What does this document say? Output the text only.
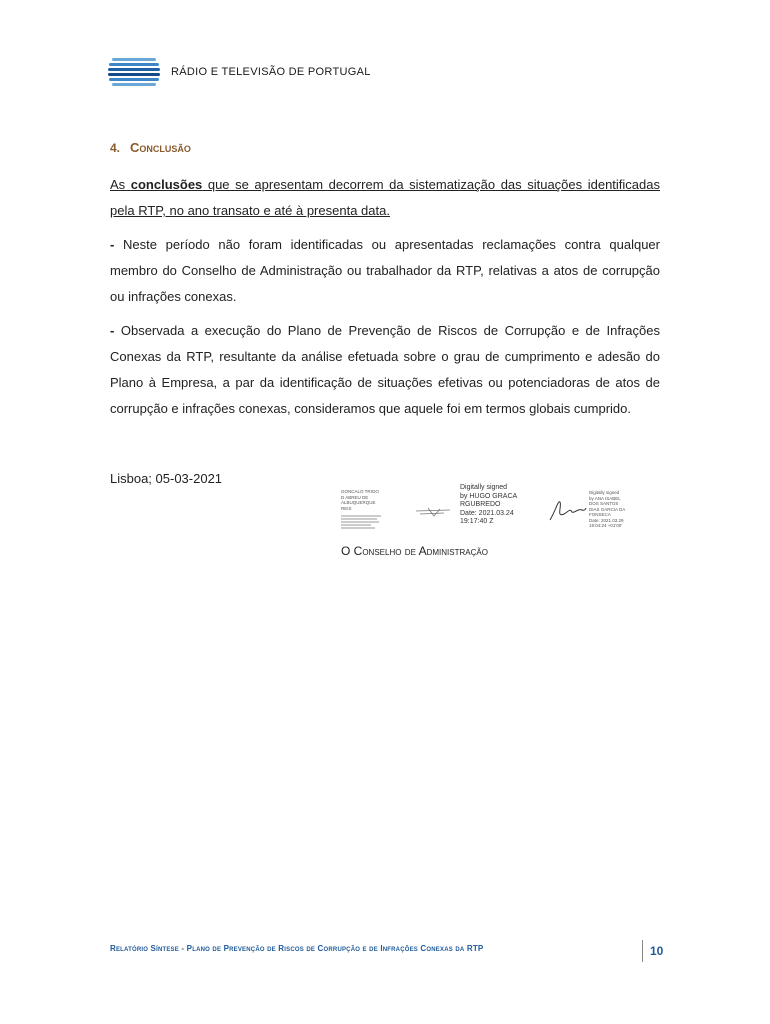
RÁDIO E TELEVISÃO DE PORTUGAL
4. Conclusão

As conclusões que se apresentam decorrem da sistematização das situações identificadas pela RTP, no ano transato e até à presenta data.

- Neste período não foram identificadas ou apresentadas reclamações contra qualquer membro do Conselho de Administração ou trabalhador da RTP, relativas a atos de corrupção ou infrações conexas.

- Observada a execução do Plano de Prevenção de Riscos de Corrupção e de Infrações Conexas da RTP, resultante da análise efetuada sobre o grau de cumprimento e adesão do Plano à Empresa, a par da identificação de situações efetivas ou potenciadoras de atos de corrupção e infrações conexas, consideramos que aquele foi em termos globais cumprido.

Lisboa; 05-03-2021
GONCALO TRIGO
D ABREU DE
ALBUQUERQUE
REIS
Digitally signed
by HUGO GRACA
RGUBREDO
Date: 2021.03.24
19:17:40 Z
Digitally signed
by ANA ISABEL
DOS SANTOS
DIAS GARCIA DA
FONSECA
Date: 2021.03.29
19:04:24 +01'00'
O Conselho de Administração
Relatório Síntese - Plano de Prevenção de Riscos de Corrupção e de Infrações Conexas da RTP	10
